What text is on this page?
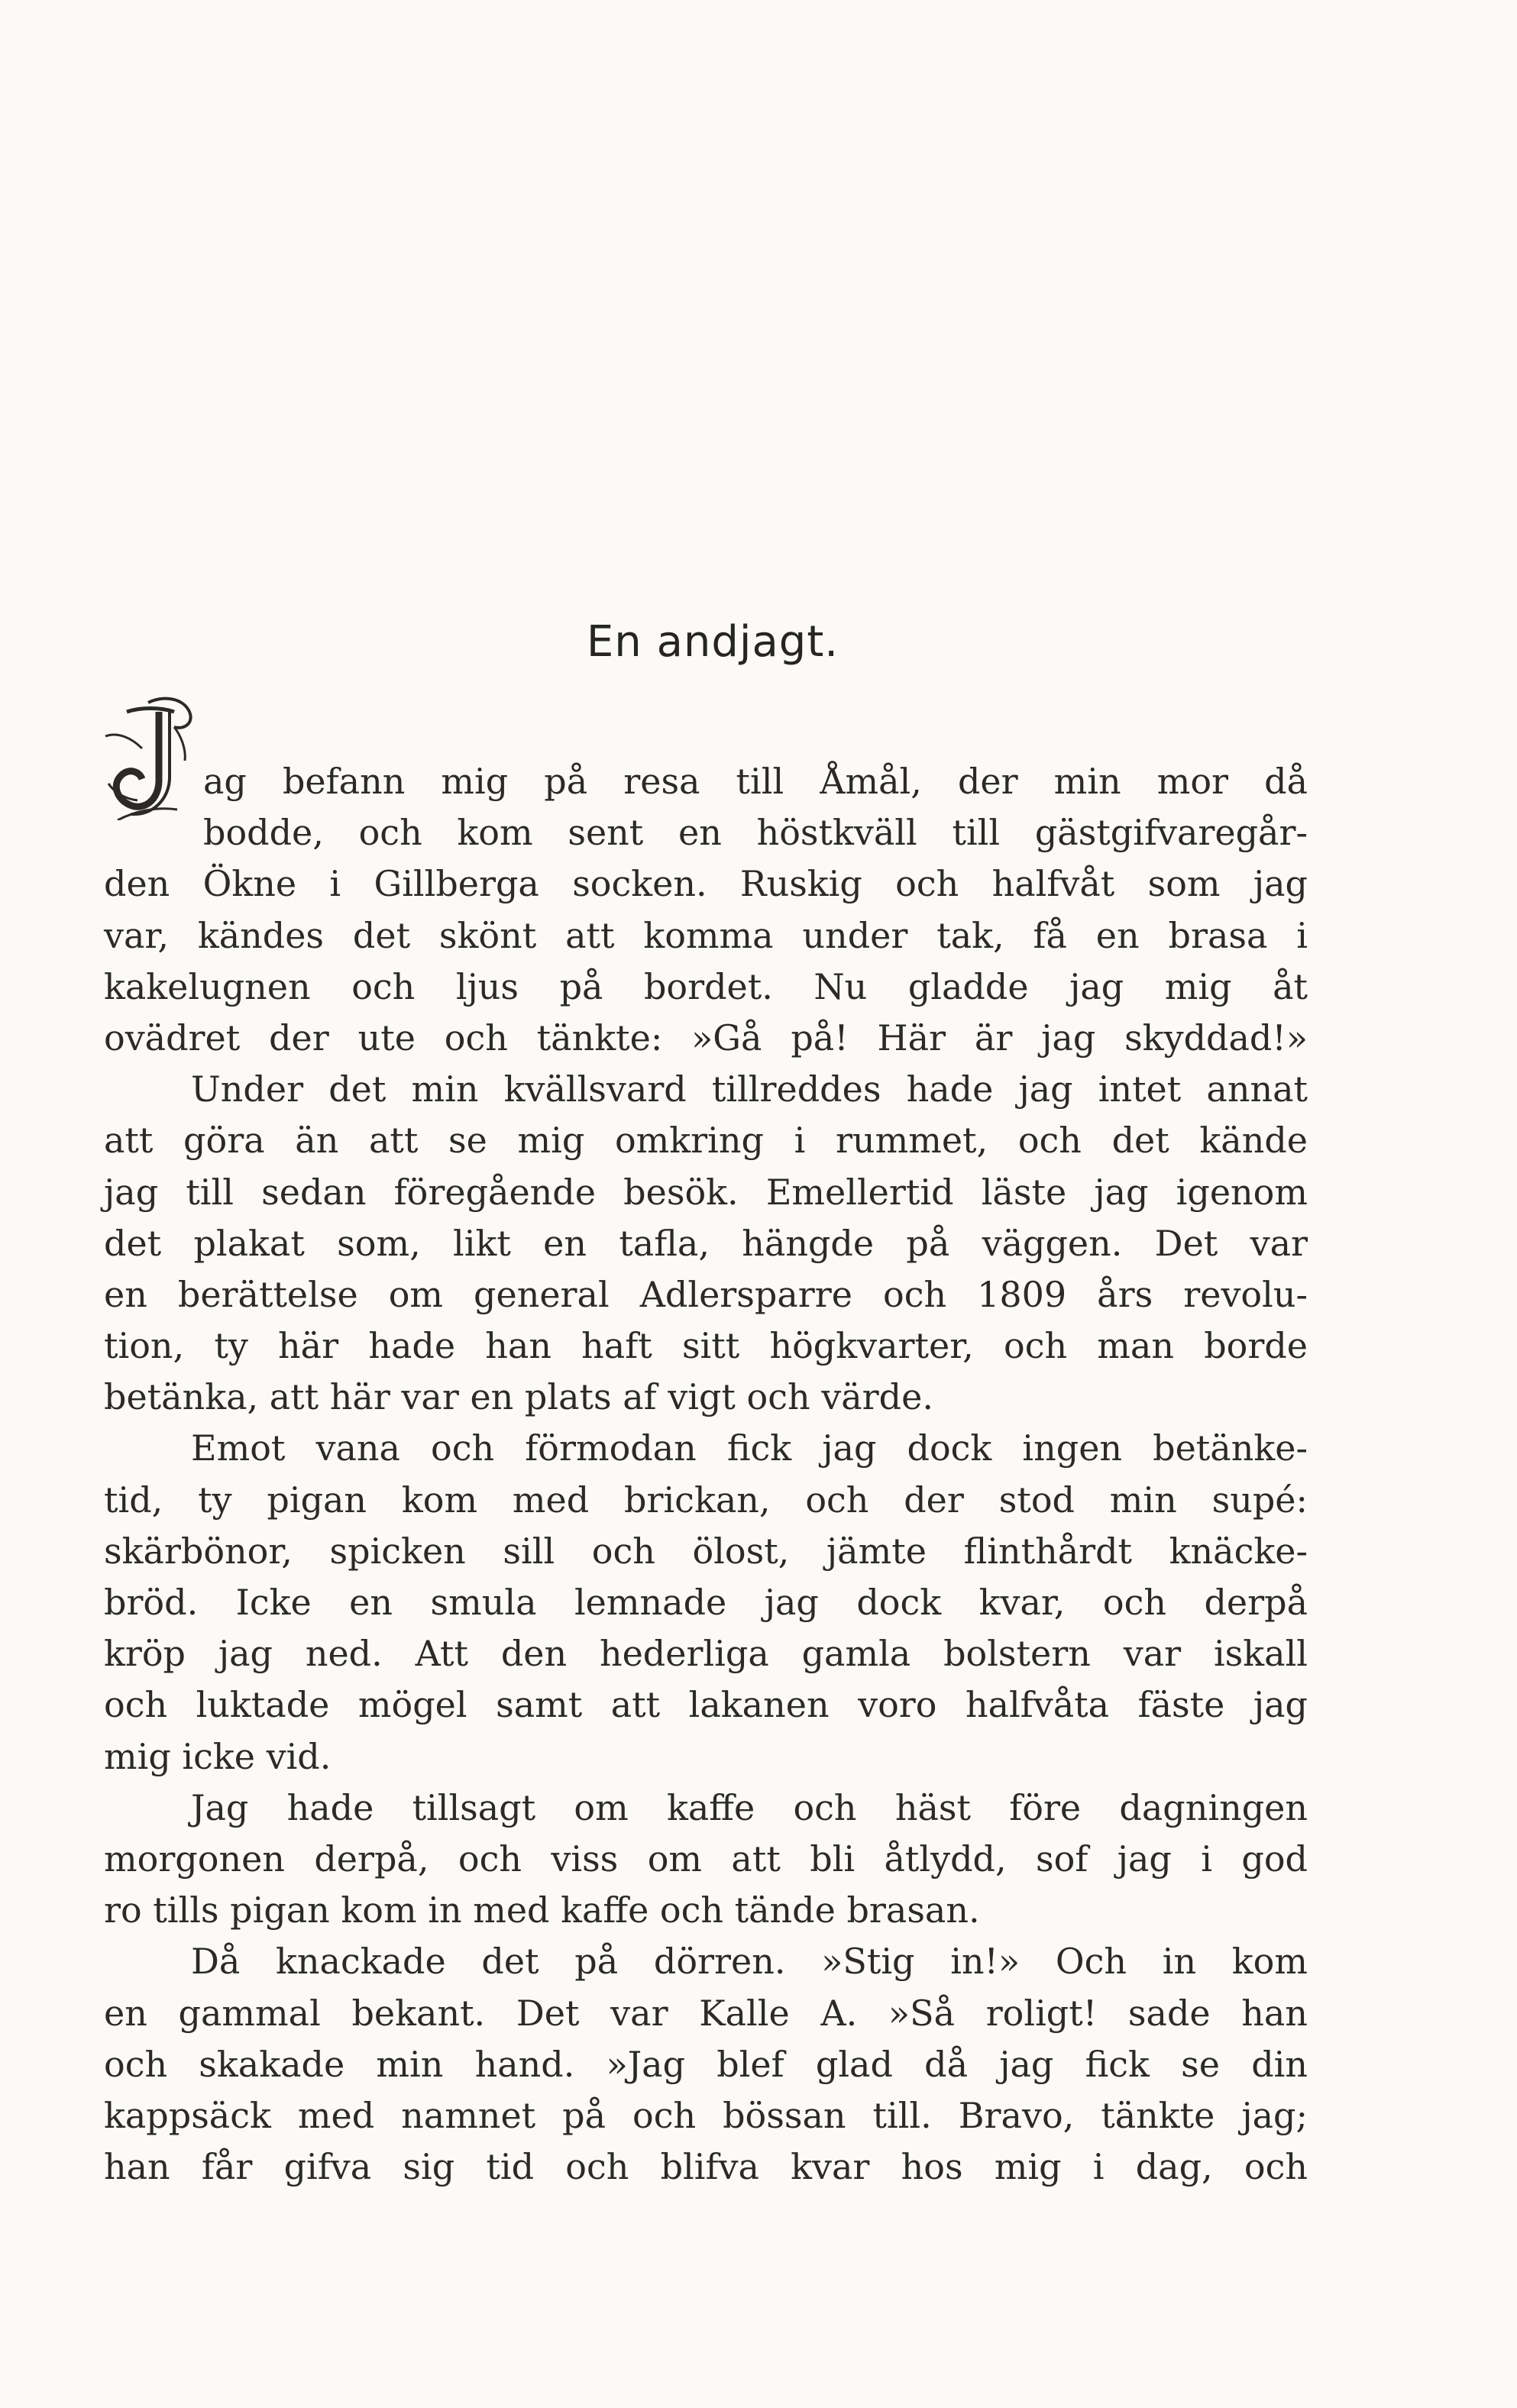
En andjagt.
ag befann mig på resa till Åmål, der min mor då
bodde, och kom sent en höstkväll till gästgifvaregår-
den Ökne i Gillberga socken. Ruskig och halfvåt som jag
var, kändes det skönt att komma under tak, få en brasa i
kakelugnen och ljus på bordet. Nu gladde jag mig åt
ovädret der ute och tänkte: »Gå på! Här är jag skyddad!»
Under det min kvällsvard tillreddes hade jag intet annat
att göra än att se mig omkring i rummet, och det kände
jag till sedan föregående besök. Emellertid läste jag igenom
det plakat som, likt en tafla, hängde på väggen. Det var
en berättelse om general Adlersparre och 1809 års revolu-
tion, ty här hade han haft sitt högkvarter, och man borde
betänka, att här var en plats af vigt och värde.
Emot vana och förmodan fick jag dock ingen betänke-
tid, ty pigan kom med brickan, och der stod min supé:
skärbönor, spicken sill och ölost, jämte flinthårdt knäcke-
bröd. Icke en smula lemnade jag dock kvar, och derpå
kröp jag ned. Att den hederliga gamla bolstern var iskall
och luktade mögel samt att lakanen voro halfvåta fäste jag
mig icke vid.
Jag hade tillsagt om kaffe och häst före dagningen
morgonen derpå, och viss om att bli åtlydd, sof jag i god
ro tills pigan kom in med kaffe och tände brasan.
Då knackade det på dörren. »Stig in!» Och in kom
en gammal bekant. Det var Kalle A. »Så roligt! sade han
och skakade min hand. »Jag blef glad då jag fick se din
kappsäck med namnet på och bössan till. Bravo, tänkte jag;
han får gifva sig tid och blifva kvar hos mig i dag, och
